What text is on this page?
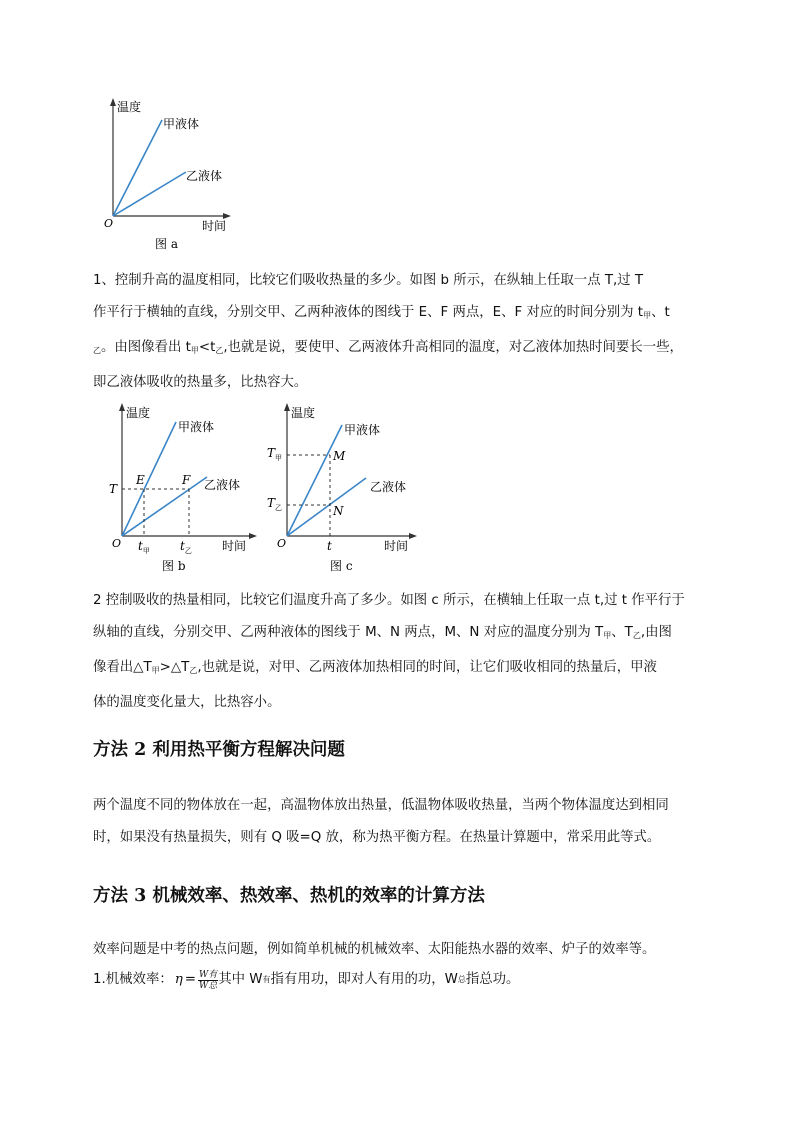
温度
甲液体
乙液体
O	时间
图 a
1、控制升高的温度相同，比较它们吸收热量的多少。如图 b 所示，在纵轴上任取一点 T,过 T
作平行于横轴的直线，分别交甲、乙两种液体的图线于 E、F 两点，E、F 对应的时间分别为 $t_甲$、t
$_乙$。由图像看出 $t_甲<t_乙$,也就是说，要使甲、乙两液体升高相同的温度，对乙液体加热时间要长一些，
即乙液体吸收的热量多，比热容大。
温度
甲液体
乙液体
T
E	F
O $t_甲$	$t_乙$	时间
图 b
温度
甲液体
乙液体
M
N
$T_甲$
$T_乙$
O	t	时间
图 c
2 控制吸收的热量相同，比较它们温度升高了多少。如图 c 所示，在横轴上任取一点 t,过 t 作平行于
纵轴的直线，分别交甲、乙两种液体的图线于 M、N 两点，M、N 对应的温度分别为 $T_甲$、$T_乙$,由图
像看出$\triangle T_甲>\triangle T_乙$,也就是说，对甲、乙两液体加热相同的时间，让它们吸收相同的热量后，甲液
体的温度变化量大，比热容小。
方法 2 利用热平衡方程解决问题
两个温度不同的物体放在一起，高温物体放出热量，低温物体吸收热量，当两个物体温度达到相同
时，如果没有热量损失，则有 Q 吸=Q 放，称为热平衡方程。在热量计算题中，常采用此等式。
方法 3 机械效率、热效率、热机的效率的计算方法
效率问题是中考的热点问题，例如简单机械的机械效率、太阳能热水器的效率、炉子的效率等。
1.机械效率： η = W有
W总 其中 W 有 指有用功，即对人有用的功，W 总 指总功。
